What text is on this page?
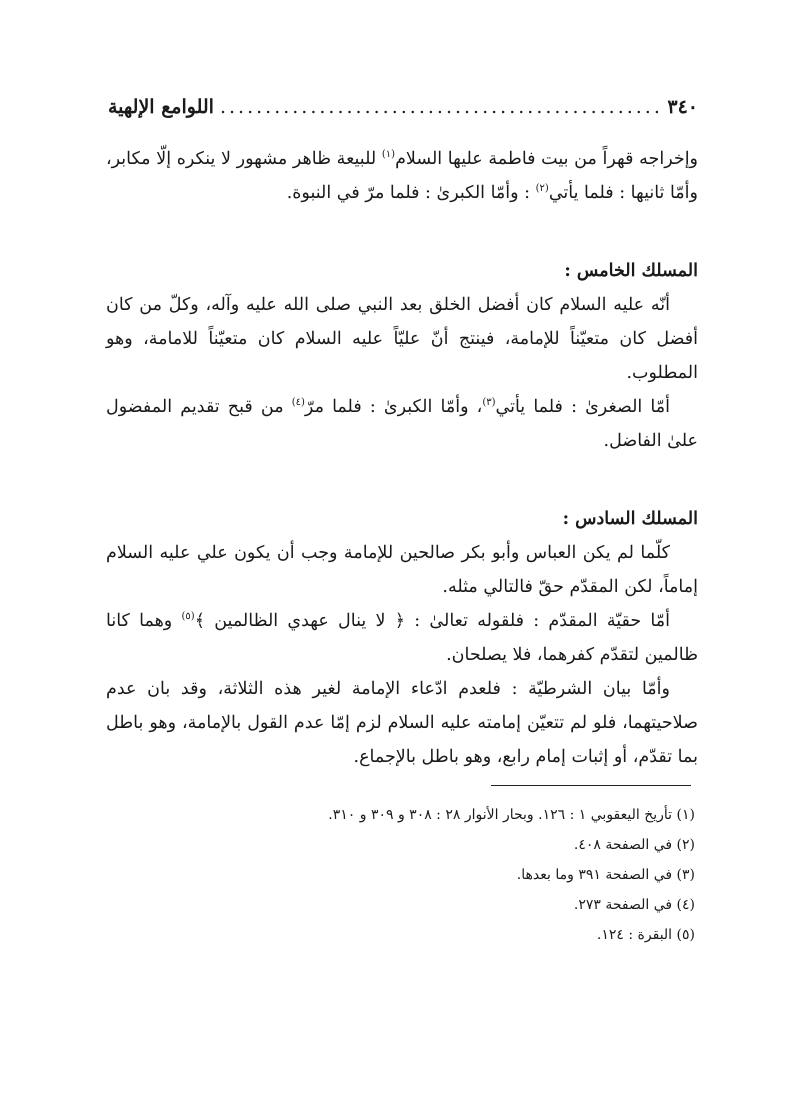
٣٤٠
.....
اللوامع الإلهية

وإخراجه قهراً من بيت فاطمة عليها السلام$^{(١)}$ للبيعة ظاهر مشهور لا ينكره إلّا مكابر، وأمّا ثانيها : فلما يأتي$^{(٢)}$ : وأمّا الكبرىٰ : فلما مرّ في النبوة.

المسلك الخامس :

أنّه عليه السلام كان أفضل الخلق بعد النبي صلى الله عليه وآله، وكلّ من كان أفضل كان متعيّناً للإمامة، فينتج أنّ عليّاً عليه السلام كان متعيّناً للامامة، وهو المطلوب.

أمّا الصغرىٰ : فلما يأتي$^{(٣)}$، وأمّا الكبرىٰ : فلما مرّ$^{(٤)}$ من قبح تقديم المفضول علىٰ الفاضل.

المسلك السادس :

كلّما لم يكن العباس وأبو بكر صالحين للإمامة وجب أن يكون علي عليه السلام إماماً، لكن المقدّم حقّ فالتالي مثله.

أمّا حقيّة المقدّم : فلقوله تعالىٰ : ﴿ لا ينال عهدي الظالمين ﴾$^{(٥)}$ وهما كانا ظالمين لتقدّم كفرهما، فلا يصلحان.

وأمّا بيان الشرطيّة : فلعدم ادّعاء الإمامة لغير هذه الثلاثة، وقد بان عدم صلاحيتهما، فلو لم تتعيّن إمامته عليه السلام لزم إمّا عدم القول بالإمامة، وهو باطل بما تقدّم، أو إثبات إمام رابع، وهو باطل بالإجماع.

(١) تأريخ اليعقوبي ١ : ١٢٦. وبحار الأنوار ٢٨ : ٣٠٨ و ٣٠٩ و ٣١٠.

(٢) في الصفحة ٤٠٨.

(٣) في الصفحة ٣٩١ وما بعدها.

(٤) في الصفحة ٢٧٣.

(٥) البقرة : ١٢٤.
